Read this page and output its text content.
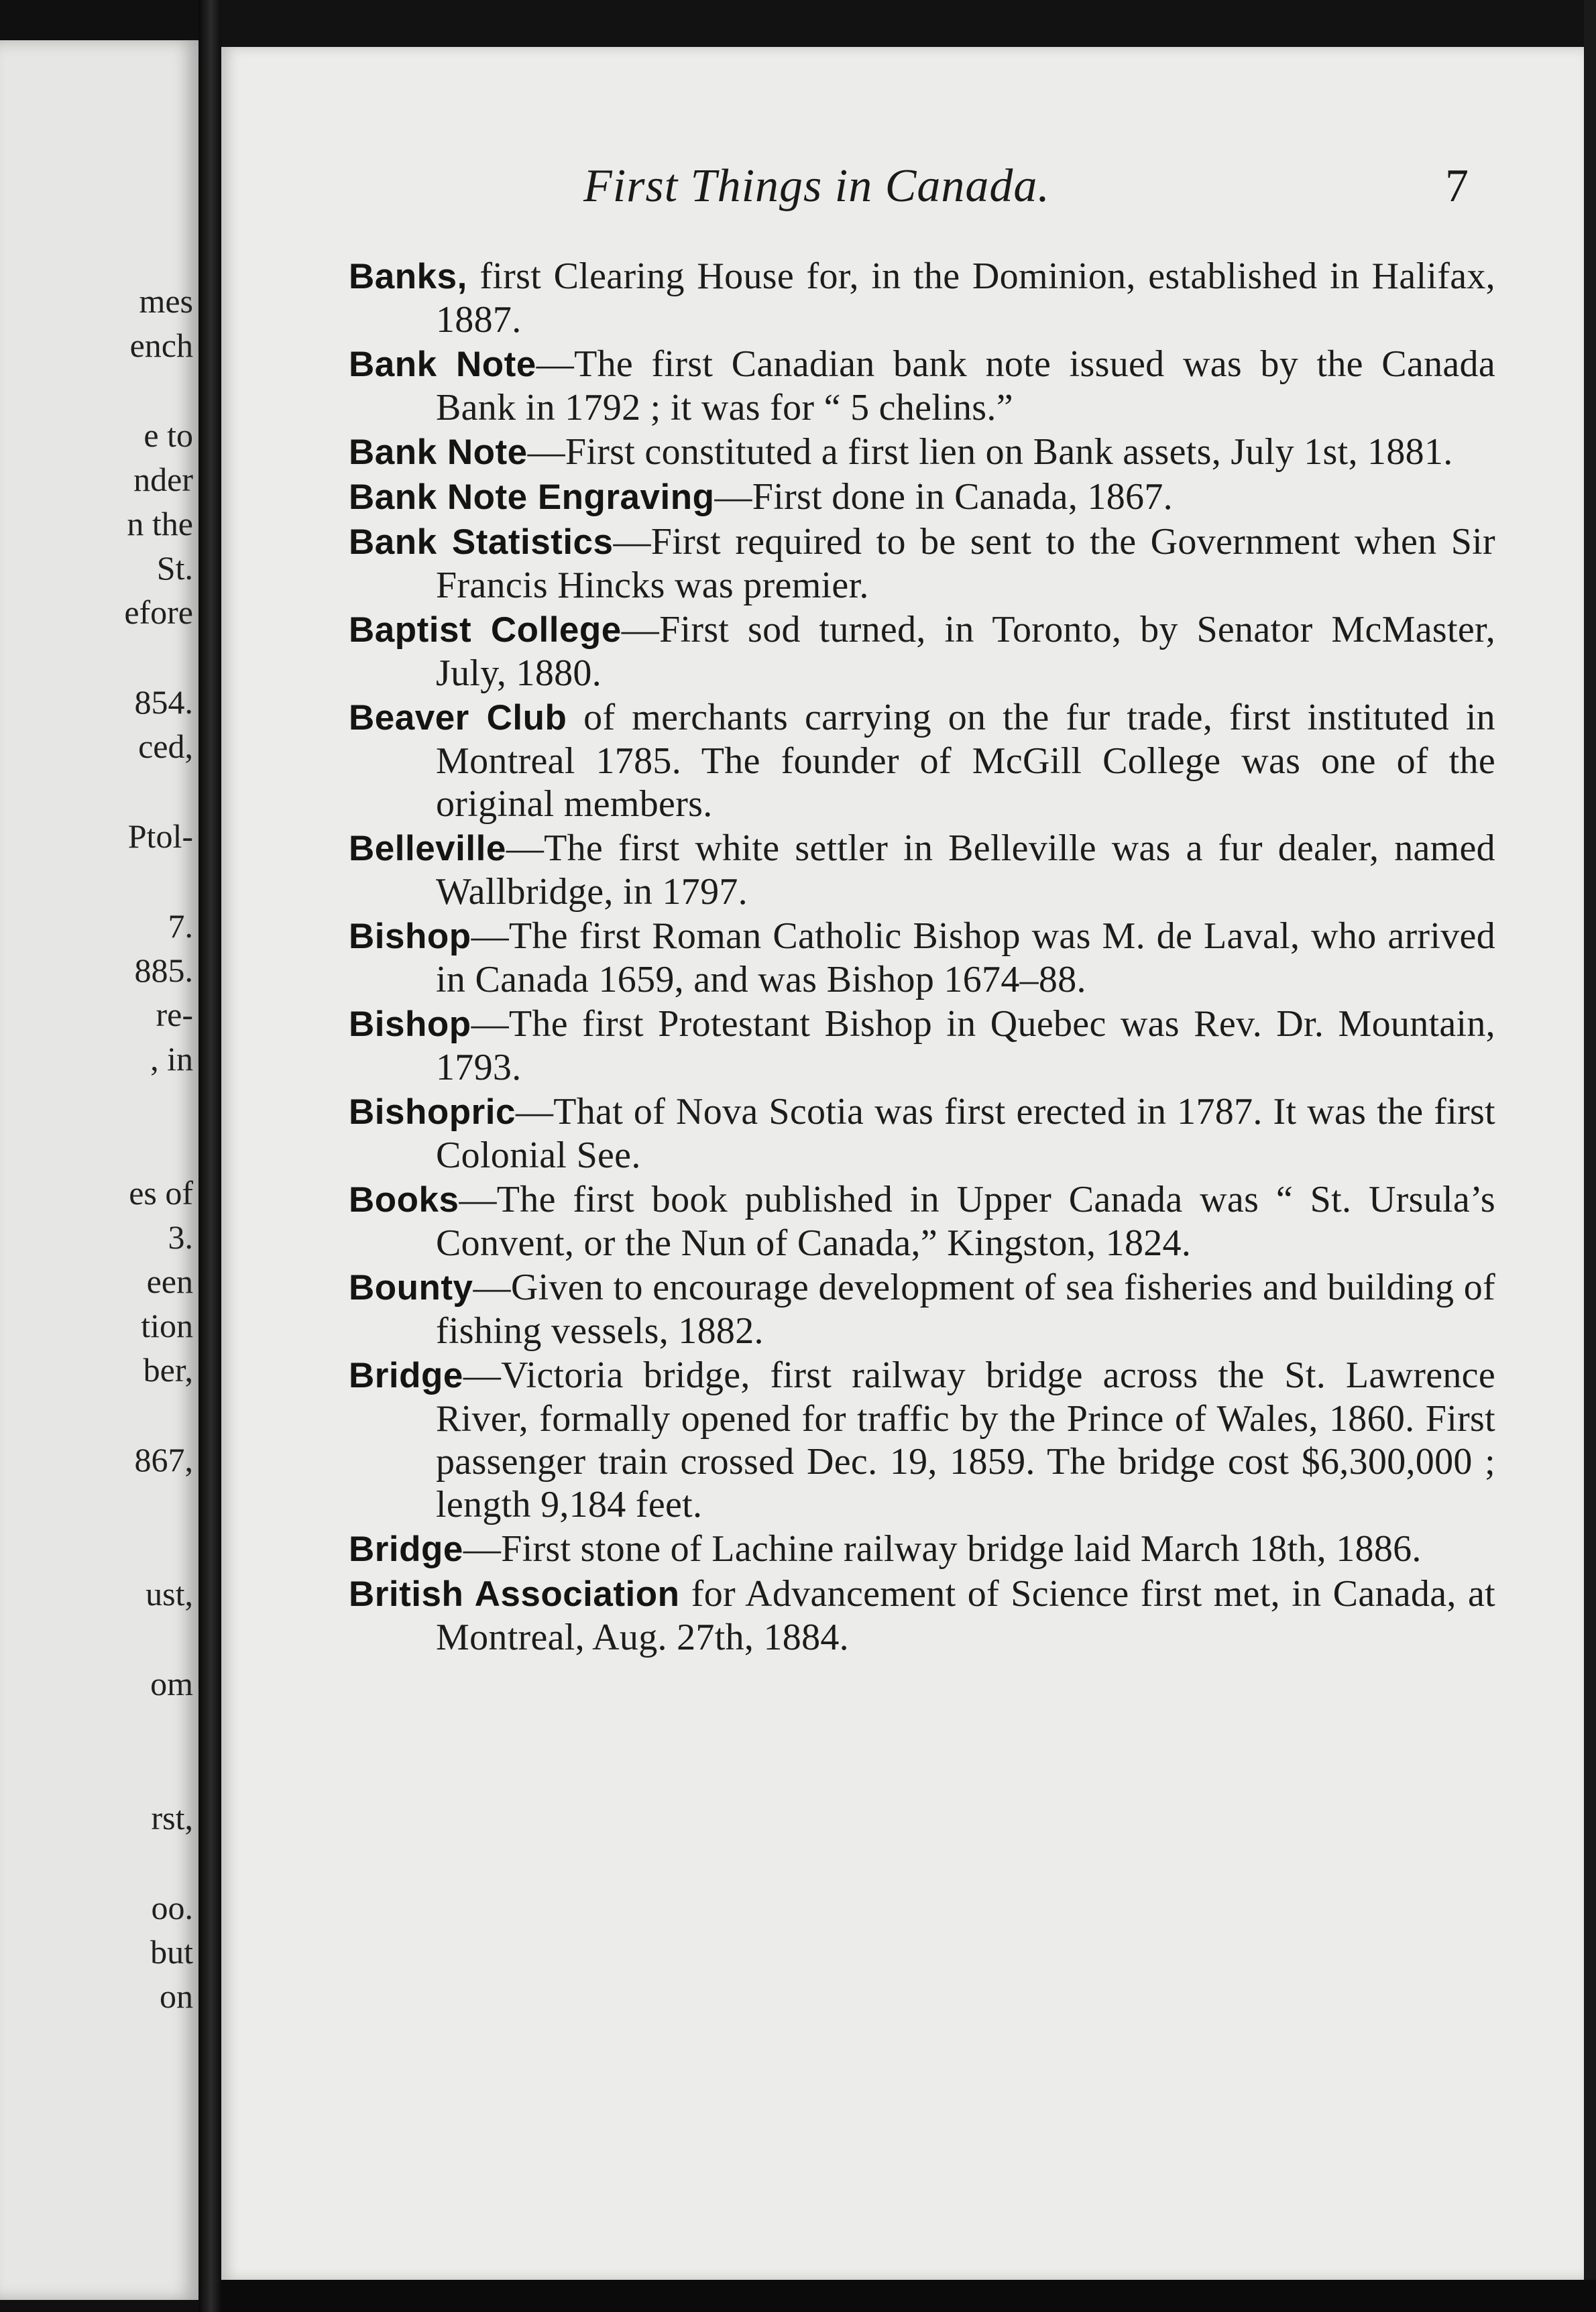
mes
ench
e to
nder
n the
St.
efore
854.
ced,
Ptol-
7.
885.
re-
, in
es of
3.
een
tion
ber,
867,
ust,
om
rst,
oo.
but
on
First Things in Canada.	7

Banks, first Clearing House for, in the Dominion, established in Halifax, 1887.

Bank Note—The first Canadian bank note issued was by the Canada Bank in 1792 ; it was for “ 5 chelins.”

Bank Note—First constituted a first lien on Bank assets, July 1st, 1881.

Bank Note Engraving—First done in Canada, 1867.

Bank Statistics—First required to be sent to the Government when Sir Francis Hincks was premier.

Baptist College—First sod turned, in Toronto, by Senator McMaster, July, 1880.

Beaver Club of merchants carrying on the fur trade, first instituted in Montreal 1785. The founder of McGill College was one of the original members.

Belleville—The first white settler in Belleville was a fur dealer, named Wallbridge, in 1797.

Bishop—The first Roman Catholic Bishop was M. de Laval, who arrived in Canada 1659, and was Bishop 1674–88.

Bishop—The first Protestant Bishop in Quebec was Rev. Dr. Mountain, 1793.

Bishopric—That of Nova Scotia was first erected in 1787. It was the first Colonial See.

Books—The first book published in Upper Canada was “ St. Ursula’s Convent, or the Nun of Canada,” Kingston, 1824.

Bounty—Given to encourage development of sea fisheries and building of fishing vessels, 1882.

Bridge—Victoria bridge, first railway bridge across the St. Lawrence River, formally opened for traffic by the Prince of Wales, 1860. First passenger train crossed Dec. 19, 1859. The bridge cost $6,300,000 ; length 9,184 feet.

Bridge—First stone of Lachine railway bridge laid March 18th, 1886.

British Association for Advancement of Science first met, in Canada, at Montreal, Aug. 27th, 1884.
